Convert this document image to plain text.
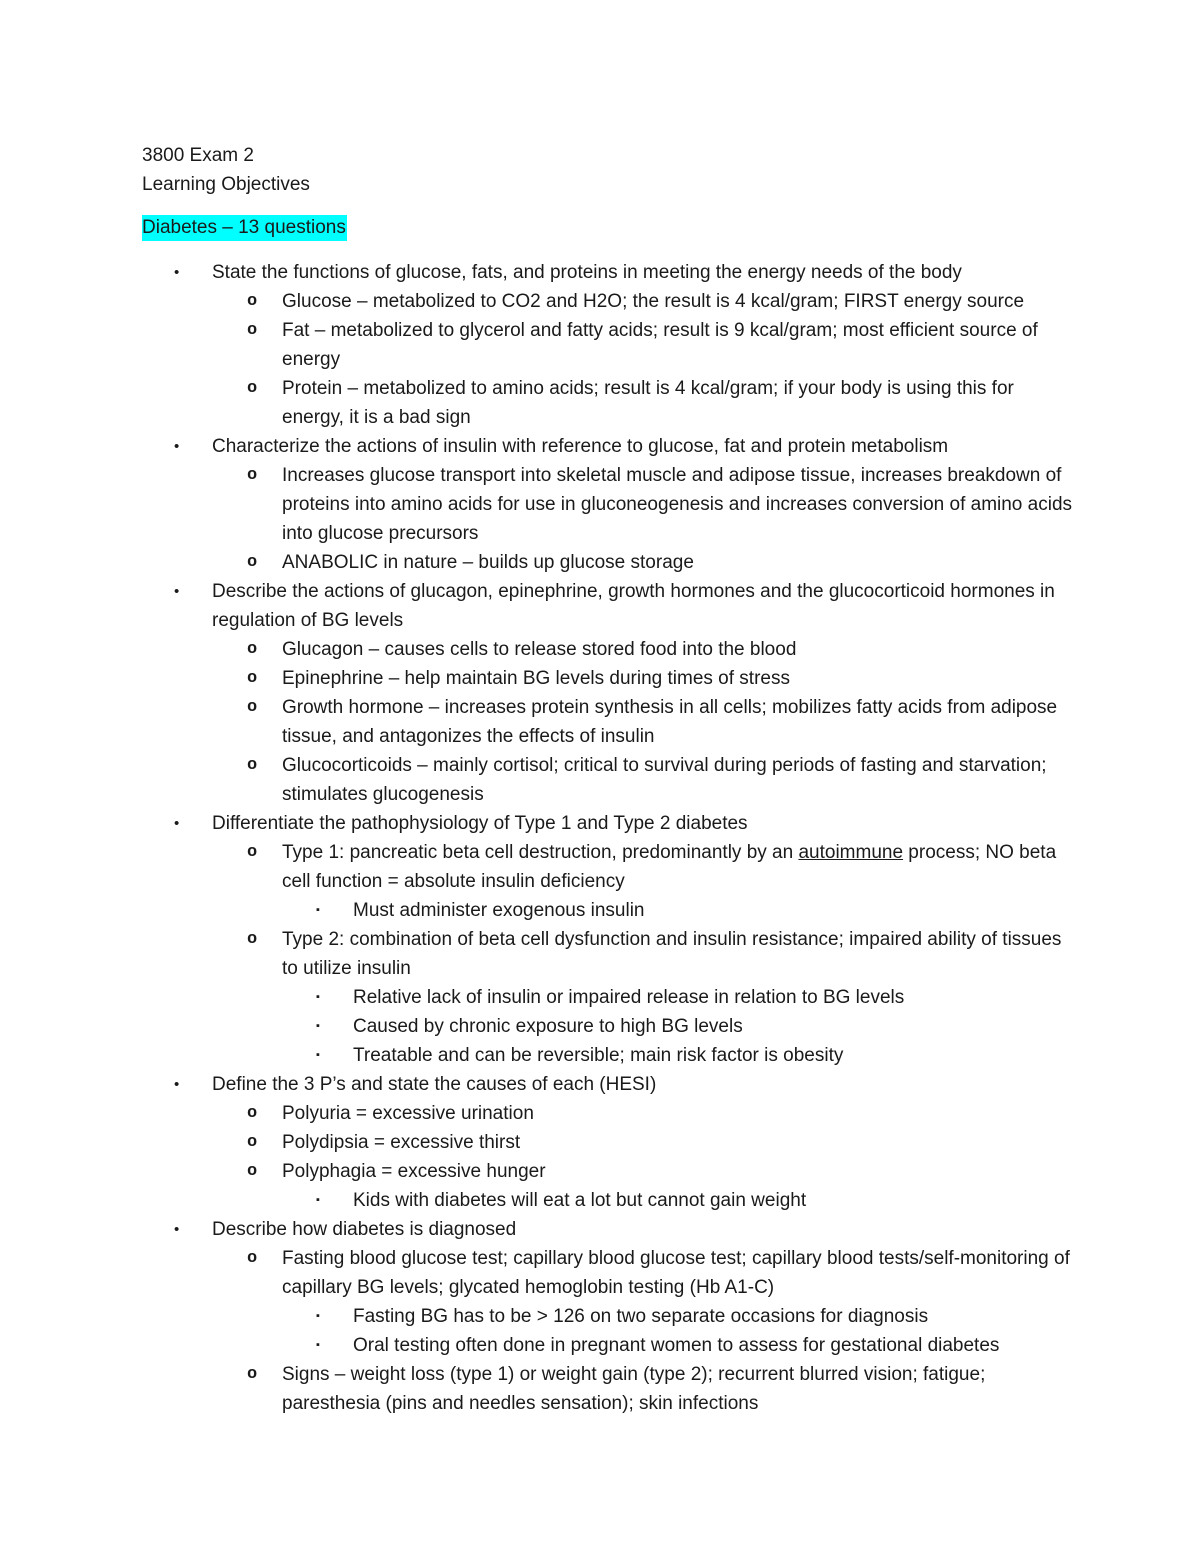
3800 Exam 2
Learning Objectives
Diabetes – 13 questions
• State the functions of glucose, fats, and proteins in meeting the energy needs of the body
o Glucose – metabolized to CO2 and H2O; the result is 4 kcal/gram; FIRST energy source
o Fat – metabolized to glycerol and fatty acids; result is 9 kcal/gram; most efficient source of energy
o Protein – metabolized to amino acids; result is 4 kcal/gram; if your body is using this for energy, it is a bad sign
• Characterize the actions of insulin with reference to glucose, fat and protein metabolism
o Increases glucose transport into skeletal muscle and adipose tissue, increases breakdown of proteins into amino acids for use in gluconeogenesis and increases conversion of amino acids into glucose precursors
o ANABOLIC in nature – builds up glucose storage
• Describe the actions of glucagon, epinephrine, growth hormones and the glucocorticoid hormones in regulation of BG levels
o Glucagon – causes cells to release stored food into the blood
o Epinephrine – help maintain BG levels during times of stress
o Growth hormone – increases protein synthesis in all cells; mobilizes fatty acids from adipose tissue, and antagonizes the effects of insulin
o Glucocorticoids – mainly cortisol; critical to survival during periods of fasting and starvation; stimulates glucogenesis
• Differentiate the pathophysiology of Type 1 and Type 2 diabetes
o Type 1: pancreatic beta cell destruction, predominantly by an autoimmune process; NO beta cell function = absolute insulin deficiency
▪ Must administer exogenous insulin
o Type 2: combination of beta cell dysfunction and insulin resistance; impaired ability of tissues to utilize insulin
▪ Relative lack of insulin or impaired release in relation to BG levels
▪ Caused by chronic exposure to high BG levels
▪ Treatable and can be reversible; main risk factor is obesity
• Define the 3 P’s and state the causes of each (HESI)
o Polyuria = excessive urination
o Polydipsia = excessive thirst
o Polyphagia = excessive hunger
▪ Kids with diabetes will eat a lot but cannot gain weight
• Describe how diabetes is diagnosed
o Fasting blood glucose test; capillary blood glucose test; capillary blood tests/self-monitoring of capillary BG levels; glycated hemoglobin testing (Hb A1-C)
▪ Fasting BG has to be > 126 on two separate occasions for diagnosis
▪ Oral testing often done in pregnant women to assess for gestational diabetes
o Signs – weight loss (type 1) or weight gain (type 2); recurrent blurred vision; fatigue; paresthesia (pins and needles sensation); skin infections
